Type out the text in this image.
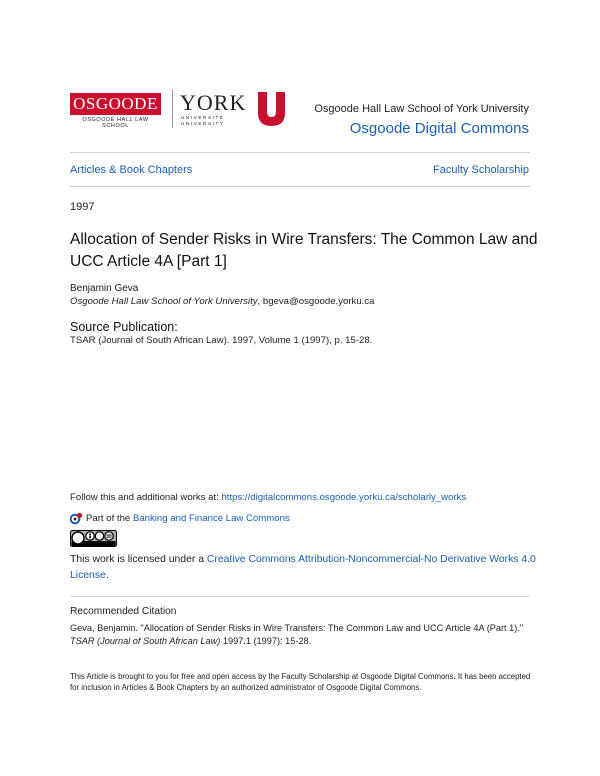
OSGOODE
OSGOODE HALL LAW SCHOOL
YORK
UNIVERSITÉ
UNIVERSITY
Osgoode Hall Law School of York University
Osgoode Digital Commons
Articles & Book Chapters	Faculty Scholarship
1997
Allocation of Sender Risks in Wire Transfers: The Common Law and UCC Article 4A [Part 1]
Benjamin Geva
Osgoode Hall Law School of York University, bgeva@osgoode.yorku.ca
Source Publication:
TSAR (Journal of South African Law). 1997, Volume 1 (1997), p. 15-28.
Follow this and additional works at: https://digitalcommons.osgoode.yorku.ca/scholarly_works
Part of the Banking and Finance Law Commons
This work is licensed under a Creative Commons Attribution-Noncommercial-No Derivative Works 4.0 License.
Recommended Citation
Geva, Benjamin. "Allocation of Sender Risks in Wire Transfers: The Common Law and UCC Article 4A (Part 1)." TSAR (Journal of South African Law) 1997.1 (1997): 15-28.
This Article is brought to you for free and open access by the Faculty Scholarship at Osgoode Digital Commons. It has been accepted for inclusion in Articles & Book Chapters by an authorized administrator of Osgoode Digital Commons.
